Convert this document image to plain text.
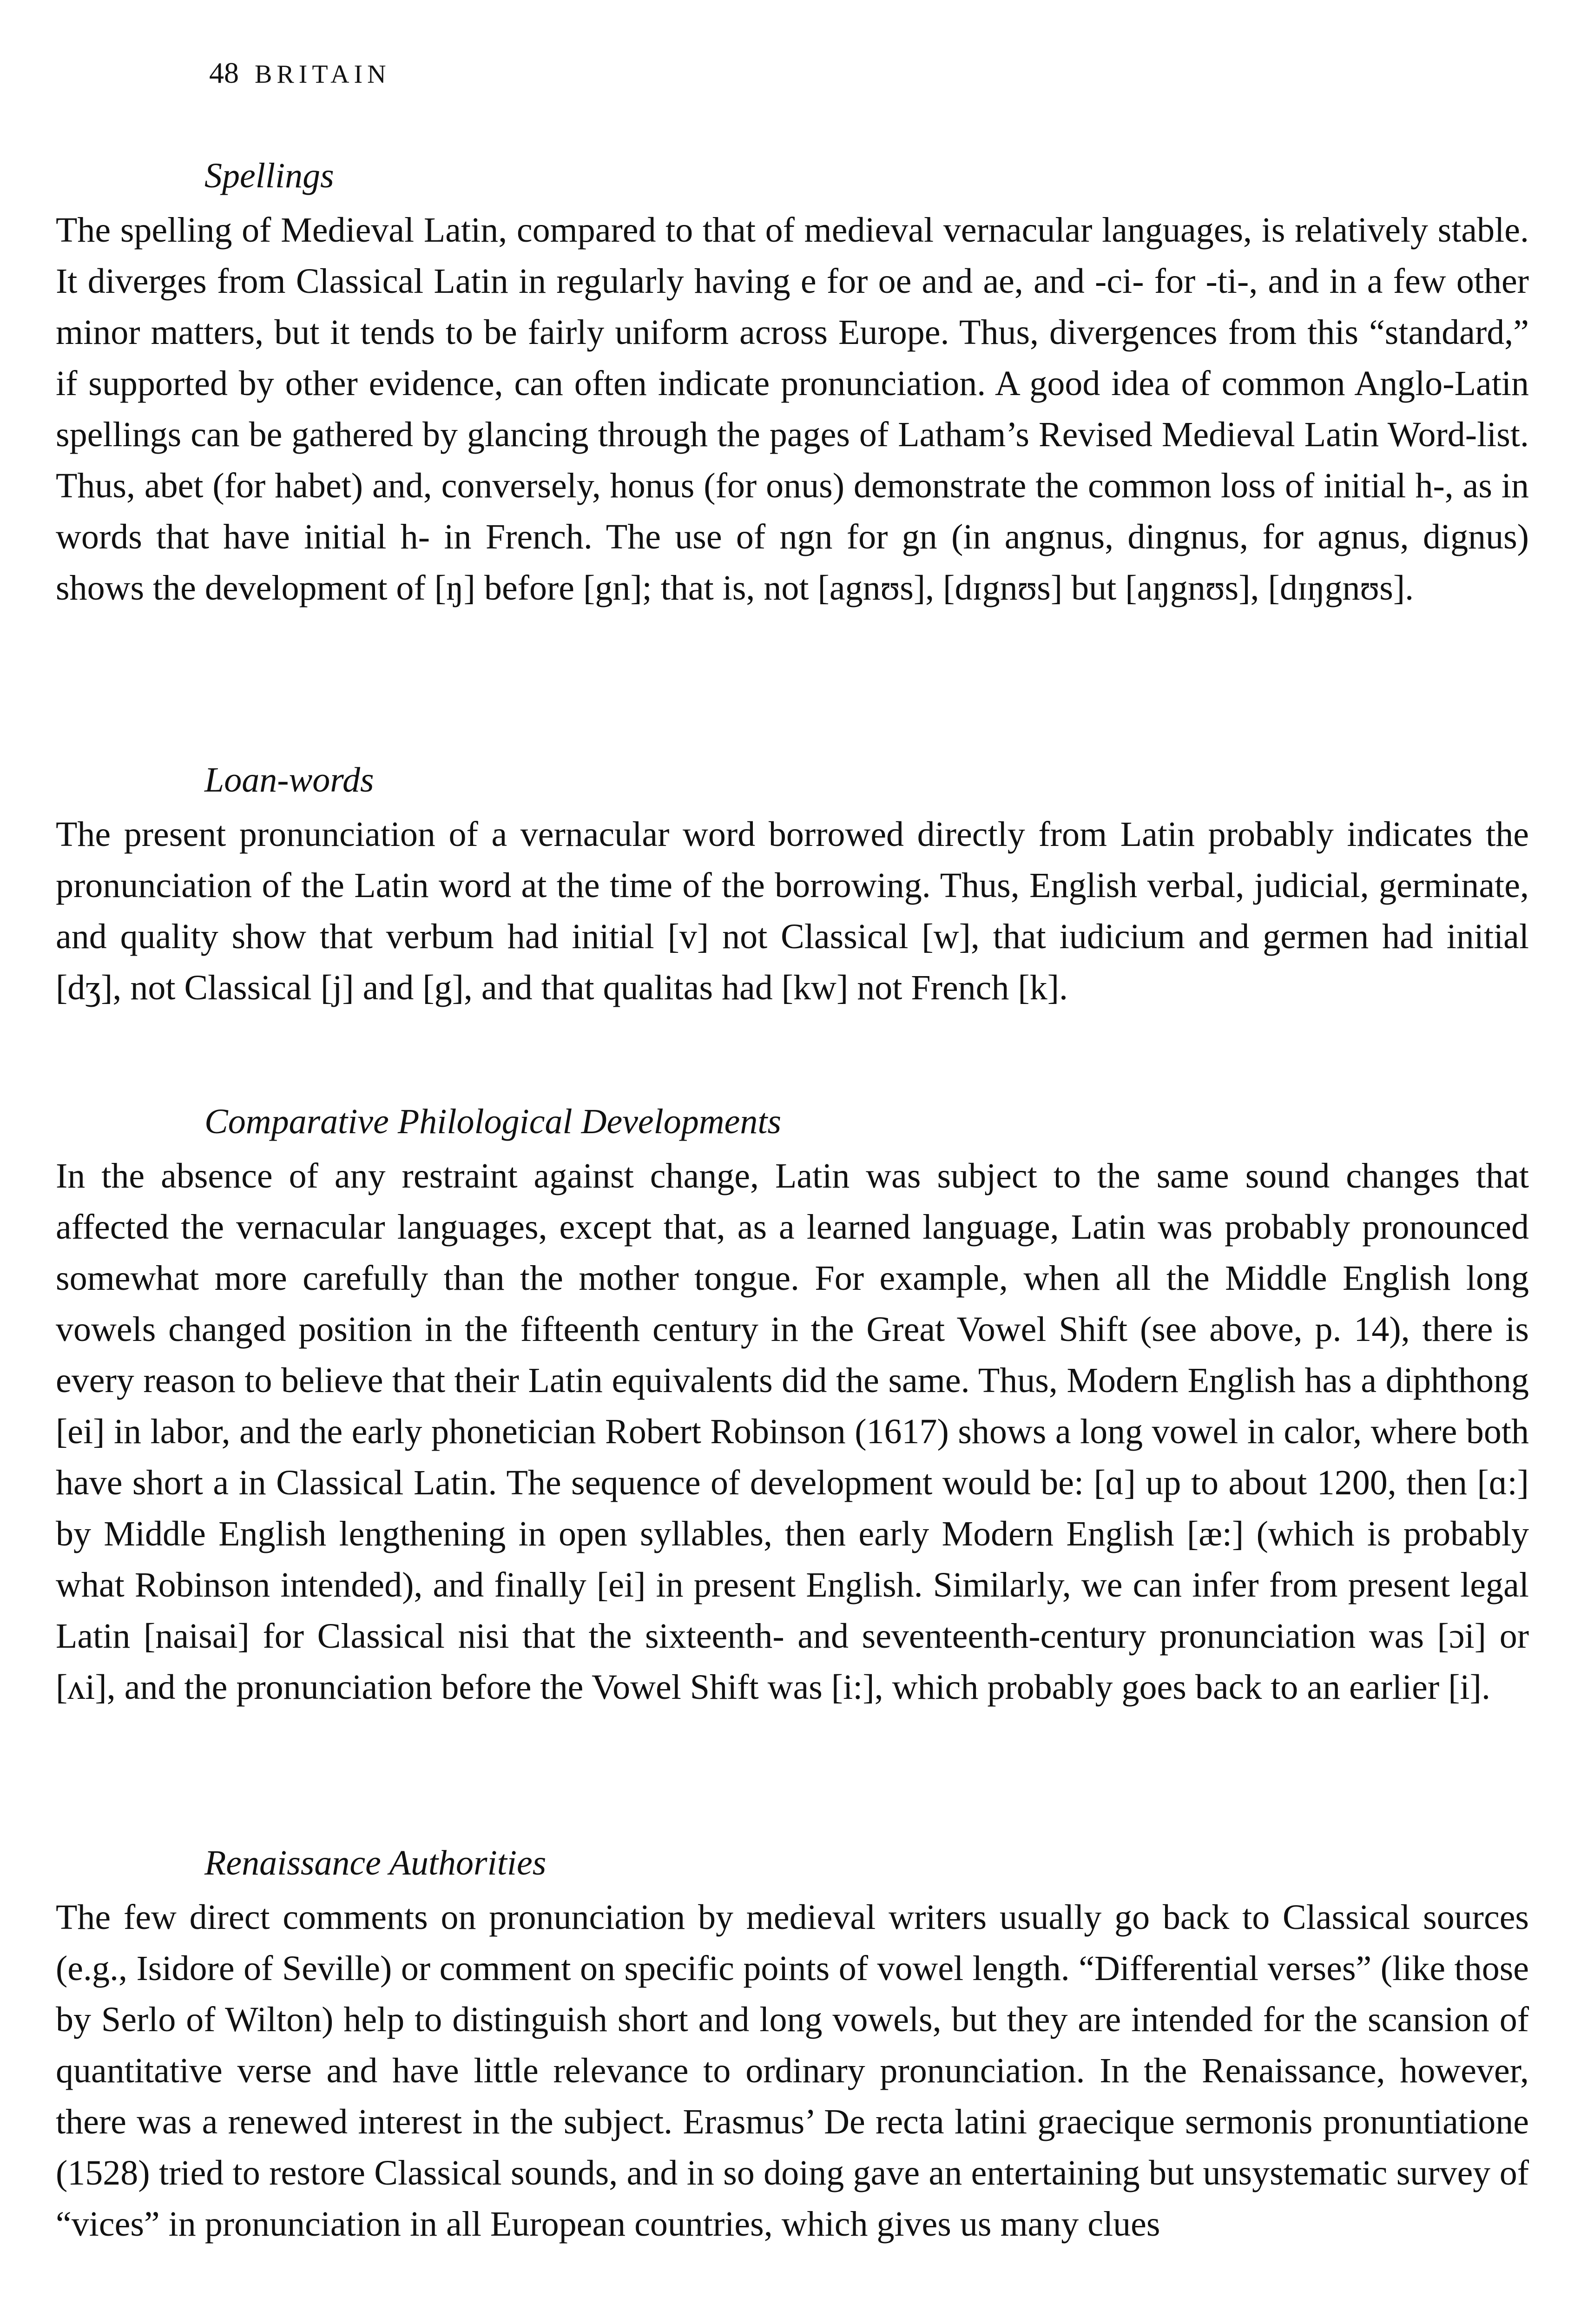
48 BRITAIN
Spellings

The spelling of Medieval Latin, compared to that of medieval vernacular languages, is relatively stable. It diverges from Classical Latin in regularly having e for oe and ae, and -ci- for -ti-, and in a few other minor matters, but it tends to be fairly uniform across Europe. Thus, divergences from this “standard,” if supported by other evidence, can often indicate pronunciation. A good idea of common Anglo-Latin spellings can be gathered by glancing through the pages of Latham’s Revised Medieval Latin Word-list. Thus, abet (for habet) and, conversely, honus (for onus) demonstrate the common loss of initial h-, as in words that have initial h- in French. The use of ngn for gn (in angnus, dingnus, for agnus, dignus) shows the development of [ŋ] before [gn]; that is, not [agnʊs], [dɪgnʊs] but [aŋgnʊs], [dɪŋgnʊs].

Loan-words

The present pronunciation of a vernacular word borrowed directly from Latin probably indicates the pronunciation of the Latin word at the time of the borrowing. Thus, English verbal, judicial, germinate, and quality show that verbum had initial [v] not Classical [w], that iudicium and germen had initial [dʒ], not Classical [j] and [g], and that qualitas had [kw] not French [k].

Comparative Philological Developments

In the absence of any restraint against change, Latin was subject to the same sound changes that affected the vernacular languages, except that, as a learned language, Latin was probably pronounced somewhat more carefully than the mother tongue. For example, when all the Middle English long vowels changed position in the fifteenth century in the Great Vowel Shift (see above, p. 14), there is every reason to believe that their Latin equivalents did the same. Thus, Modern English has a diphthong [ei] in labor, and the early phonetician Robert Robinson (1617) shows a long vowel in calor, where both have short a in Classical Latin. The sequence of development would be: [ɑ] up to about 1200, then [ɑ:] by Middle English lengthening in open syllables, then early Modern English [æ:] (which is probably what Robinson intended), and finally [ei] in present English. Similarly, we can infer from present legal Latin [naisai] for Classical nisi that the sixteenth- and seventeenth-century pronunciation was [ɔi] or [ʌi], and the pronunciation before the Vowel Shift was [i:], which probably goes back to an earlier [i].

Renaissance Authorities

The few direct comments on pronunciation by medieval writers usually go back to Classical sources (e.g., Isidore of Seville) or comment on specific points of vowel length. “Differential verses” (like those by Serlo of Wilton) help to distinguish short and long vowels, but they are intended for the scansion of quantitative verse and have little relevance to ordinary pronunciation. In the Renaissance, however, there was a renewed interest in the subject. Erasmus’ De recta latini graecique sermonis pronuntiatione (1528) tried to restore Classical sounds, and in so doing gave an entertaining but unsystematic survey of “vices” in pronunciation in all European countries, which gives us many clues
